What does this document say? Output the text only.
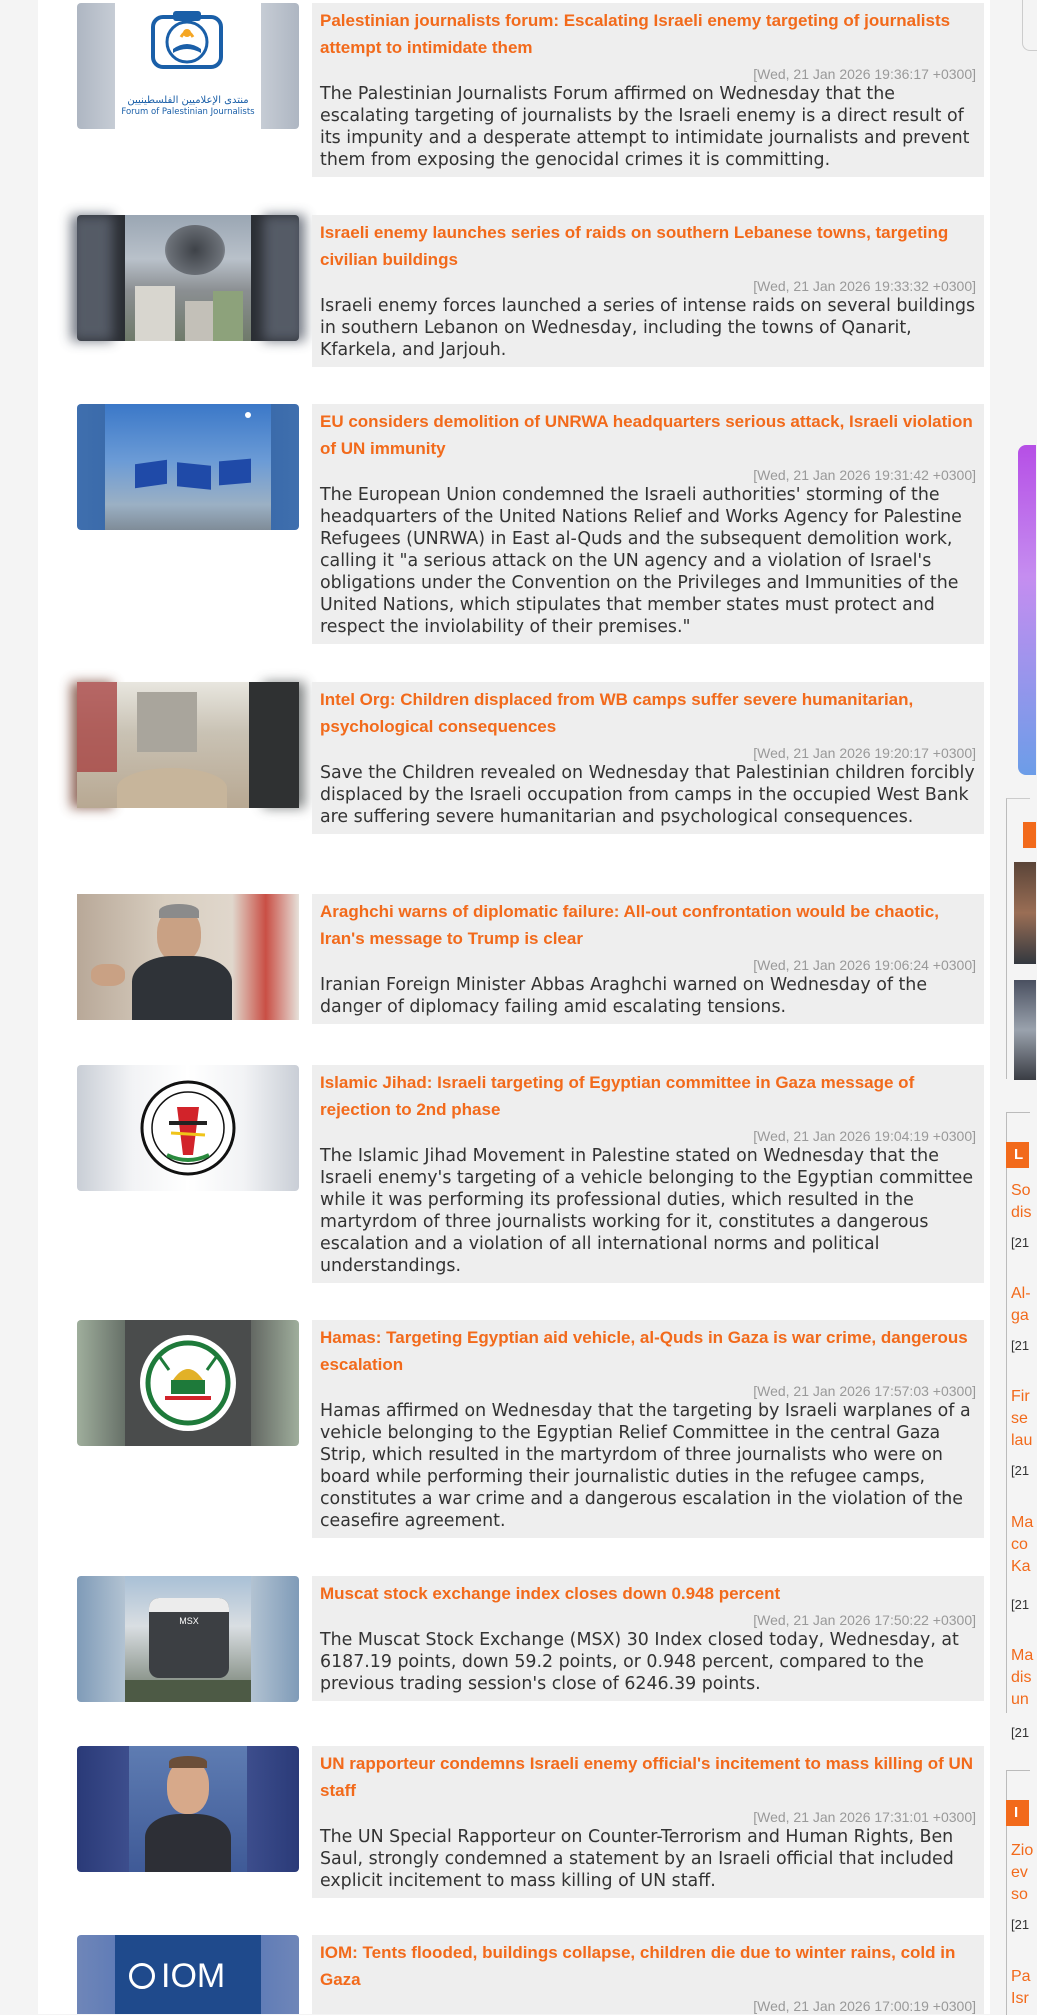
منتدى الإعلاميين الفلسطينيين
Forum of Palestinian Journalists
Palestinian journalists forum: Escalating Israeli enemy targeting of journalists attempt to intimidate them
[Wed, 21 Jan 2026 19:36:17 +0300]
The Palestinian Journalists Forum affirmed on Wednesday that the escalating targeting of journalists by the Israeli enemy is a direct result of its impunity and a desperate attempt to intimidate journalists and prevent them from exposing the genocidal crimes it is committing.
Israeli enemy launches series of raids on southern Lebanese towns, targeting civilian buildings
[Wed, 21 Jan 2026 19:33:32 +0300]
Israeli enemy forces launched a series of intense raids on several buildings in southern Lebanon on Wednesday, including the towns of Qanarit, Kfarkela, and Jarjouh.
EU considers demolition of UNRWA headquarters serious attack, Israeli violation of UN immunity
[Wed, 21 Jan 2026 19:31:42 +0300]
The European Union condemned the Israeli authorities' storming of the headquarters of the United Nations Relief and Works Agency for Palestine Refugees (UNRWA) in East al-Quds and the subsequent demolition work, calling it "a serious attack on the UN agency and a violation of Israel's obligations under the Convention on the Privileges and Immunities of the United Nations, which stipulates that member states must protect and respect the inviolability of their premises."
Intel Org: Children displaced from WB camps suffer severe humanitarian, psychological consequences
[Wed, 21 Jan 2026 19:20:17 +0300]
Save the Children revealed on Wednesday that Palestinian children forcibly displaced by the Israeli occupation from camps in the occupied West Bank are suffering severe humanitarian and psychological consequences.
Araghchi warns of diplomatic failure: All-out confrontation would be chaotic, Iran's message to Trump is clear
[Wed, 21 Jan 2026 19:06:24 +0300]
Iranian Foreign Minister Abbas Araghchi warned on Wednesday of the danger of diplomacy failing amid escalating tensions.
Islamic Jihad: Israeli targeting of Egyptian committee in Gaza message of rejection to 2nd phase
[Wed, 21 Jan 2026 19:04:19 +0300]
The Islamic Jihad Movement in Palestine stated on Wednesday that the Israeli enemy's targeting of a vehicle belonging to the Egyptian committee while it was performing its professional duties, which resulted in the martyrdom of three journalists working for it, constitutes a dangerous escalation and a violation of all international norms and political understandings.
Hamas: Targeting Egyptian aid vehicle, al-Quds in Gaza is war crime, dangerous escalation
[Wed, 21 Jan 2026 17:57:03 +0300]
Hamas affirmed on Wednesday that the targeting by Israeli warplanes of a vehicle belonging to the Egyptian Relief Committee in the central Gaza Strip, which resulted in the martyrdom of three journalists who were on board while performing their journalistic duties in the refugee camps, constitutes a war crime and a dangerous escalation in the violation of the ceasefire agreement.
MSX
Muscat stock exchange index closes down 0.948 percent
[Wed, 21 Jan 2026 17:50:22 +0300]
The Muscat Stock Exchange (MSX) 30 Index closed today, Wednesday, at 6187.19 points, down 59.2 points, or 0.948 percent, compared to the previous trading session's close of 6246.39 points.
UN rapporteur condemns Israeli enemy official's incitement to mass killing of UN staff
[Wed, 21 Jan 2026 17:31:01 +0300]
The UN Special Rapporteur on Counter-Terrorism and Human Rights, Ben Saul, strongly condemned a statement by an Israeli official that included explicit incitement to mass killing of UN staff.
IOM
IOM: Tents flooded, buildings collapse, children die due to winter rains, cold in Gaza
[Wed, 21 Jan 2026 17:00:19 +0300]
L
So
dis
[21
Al-
ga
[21
Fir
se
lau
[21
Ma
co
Ka
[21
Ma
dis
un
[21
I
Zio
ev
so
[21
Pa
Isr
